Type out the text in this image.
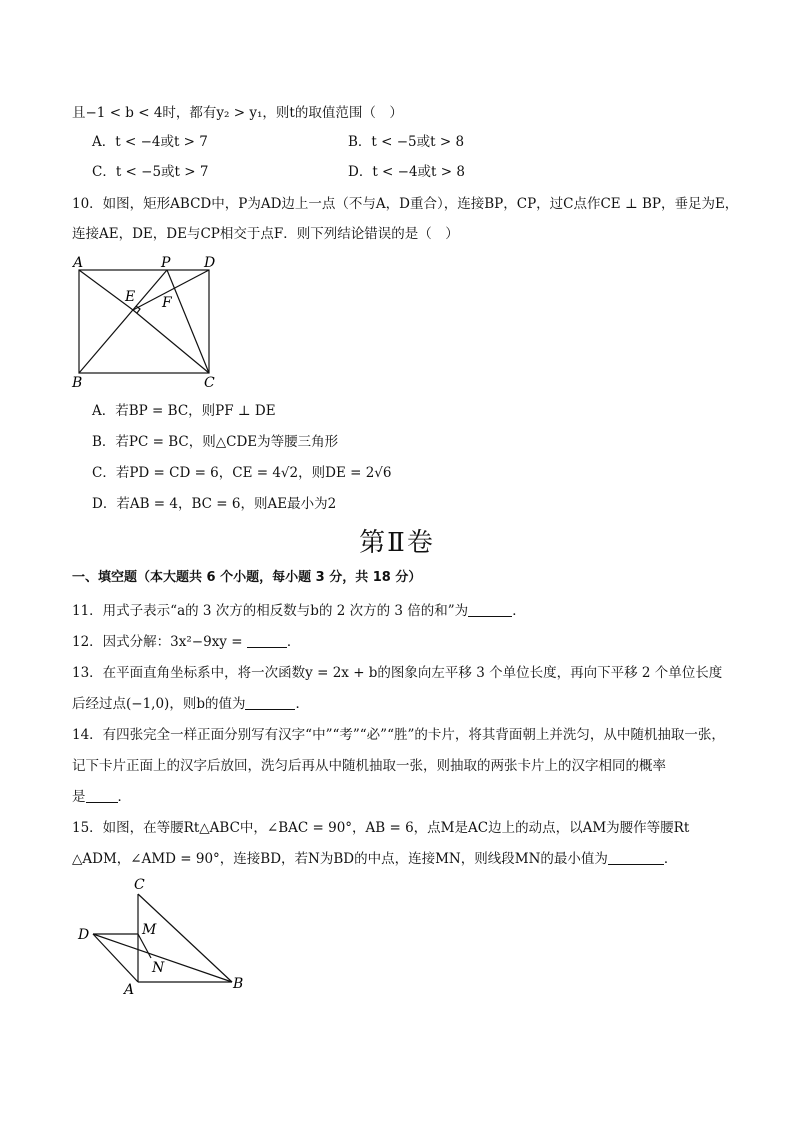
且−1 < b < 4时，都有y₂ > y₁，则t的取值范围（　）
A．t < −4或t > 7	B．t < −5或t > 8
C．t < −5或t > 7	D．t < −4或t > 8
10．如图，矩形ABCD中，P为AD边上一点（不与A，D重合），连接BP，CP，过C点作CE ⊥ BP，垂足为E，
连接AE，DE，DE与CP相交于点F．则下列结论错误的是（　）
A	P D
E F
B	C
A．若BP = BC，则PF ⊥ DE
B．若PC = BC，则△CDE为等腰三角形
C．若PD = CD = 6，CE = 4√2，则DE = 2√6
D．若AB = 4，BC = 6，则AE最小为2
第Ⅱ卷
一、填空题（本大题共 6 个小题，每小题 3 分，共 18 分）
11．用式子表示“a的 3 次方的相反数与b的 2 次方的 3 倍的和”为	．
12．因式分解：3x²−9xy =	．
13．在平面直角坐标系中，将一次函数y = 2x + b的图象向左平移 3 个单位长度，再向下平移 2 个单位长度
后经过点(−1,0)，则b的值为	．
14．有四张完全一样正面分别写有汉字“中”“考”“必”“胜”的卡片，将其背面朝上并洗匀，从中随机抽取一张，
记下卡片正面上的汉字后放回，洗匀后再从中随机抽取一张，则抽取的两张卡片上的汉字相同的概率
是 ．
15．如图，在等腰Rt△ABC中，∠BAC = 90°，AB = 6，点M是AC边上的动点，以AM为腰作等腰Rt
△ADM，∠AMD = 90°，连接BD，若N为BD的中点，连接MN，则线段MN的最小值为	．
C
M
D
N
A	B
